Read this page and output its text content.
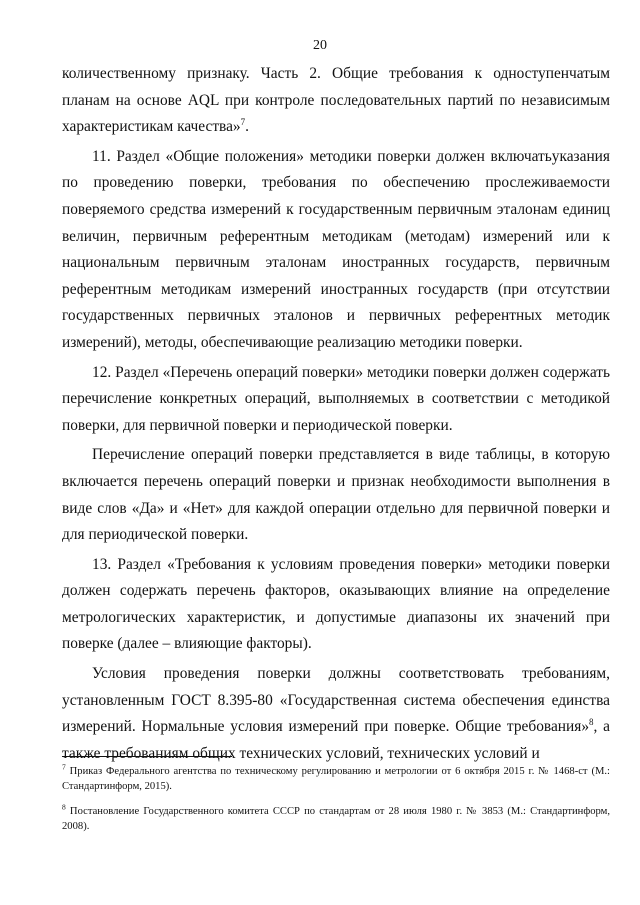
20

количественному признаку. Часть 2. Общие требования к одноступенчатым планам на основе AQL при контроле последовательных партий по независимым характеристикам качества»$^7$.

11. Раздел «Общие положения» методики поверки должен включатьуказания по проведению поверки, требования по обеспечению прослеживаемости поверяемого средства измерений к государственным первичным эталонам единиц величин, первичным референтным методикам (методам) измерений или к национальным первичным эталонам иностранных государств, первичным референтным методикам измерений иностранных государств (при отсутствии государственных первичных эталонов и первичных референтных методик измерений), методы, обеспечивающие реализацию методики поверки.

12. Раздел «Перечень операций поверки» методики поверки должен содержать перечисление конкретных операций, выполняемых в соответствии с методикой поверки, для первичной поверки и периодической поверки.

Перечисление операций поверки представляется в виде таблицы, в которую включается перечень операций поверки и признак необходимости выполнения в виде слов «Да» и «Нет» для каждой операции отдельно для первичной поверки и для периодической поверки.

13. Раздел «Требования к условиям проведения поверки» методики поверки должен содержать перечень факторов, оказывающих влияние на определение метрологических характеристик, и допустимые диапазоны их значений при поверке (далее – влияющие факторы).

Условия проведения поверки должны соответствовать требованиям, установленным ГОСТ 8.395-80 «Государственная система обеспечения единства измерений. Нормальные условия измерений при поверке. Общие требования»$^8$, а также требованиям общих технических условий, технических условий и

$^7$ Приказ Федерального агентства по техническому регулированию и метрологии от 6 октября 2015 г. № 1468-ст (М.: Стандартинформ, 2015).

$^8$ Постановление Государственного комитета СССР по стандартам от 28 июля 1980 г. № 3853 (М.: Стандартинформ, 2008).
